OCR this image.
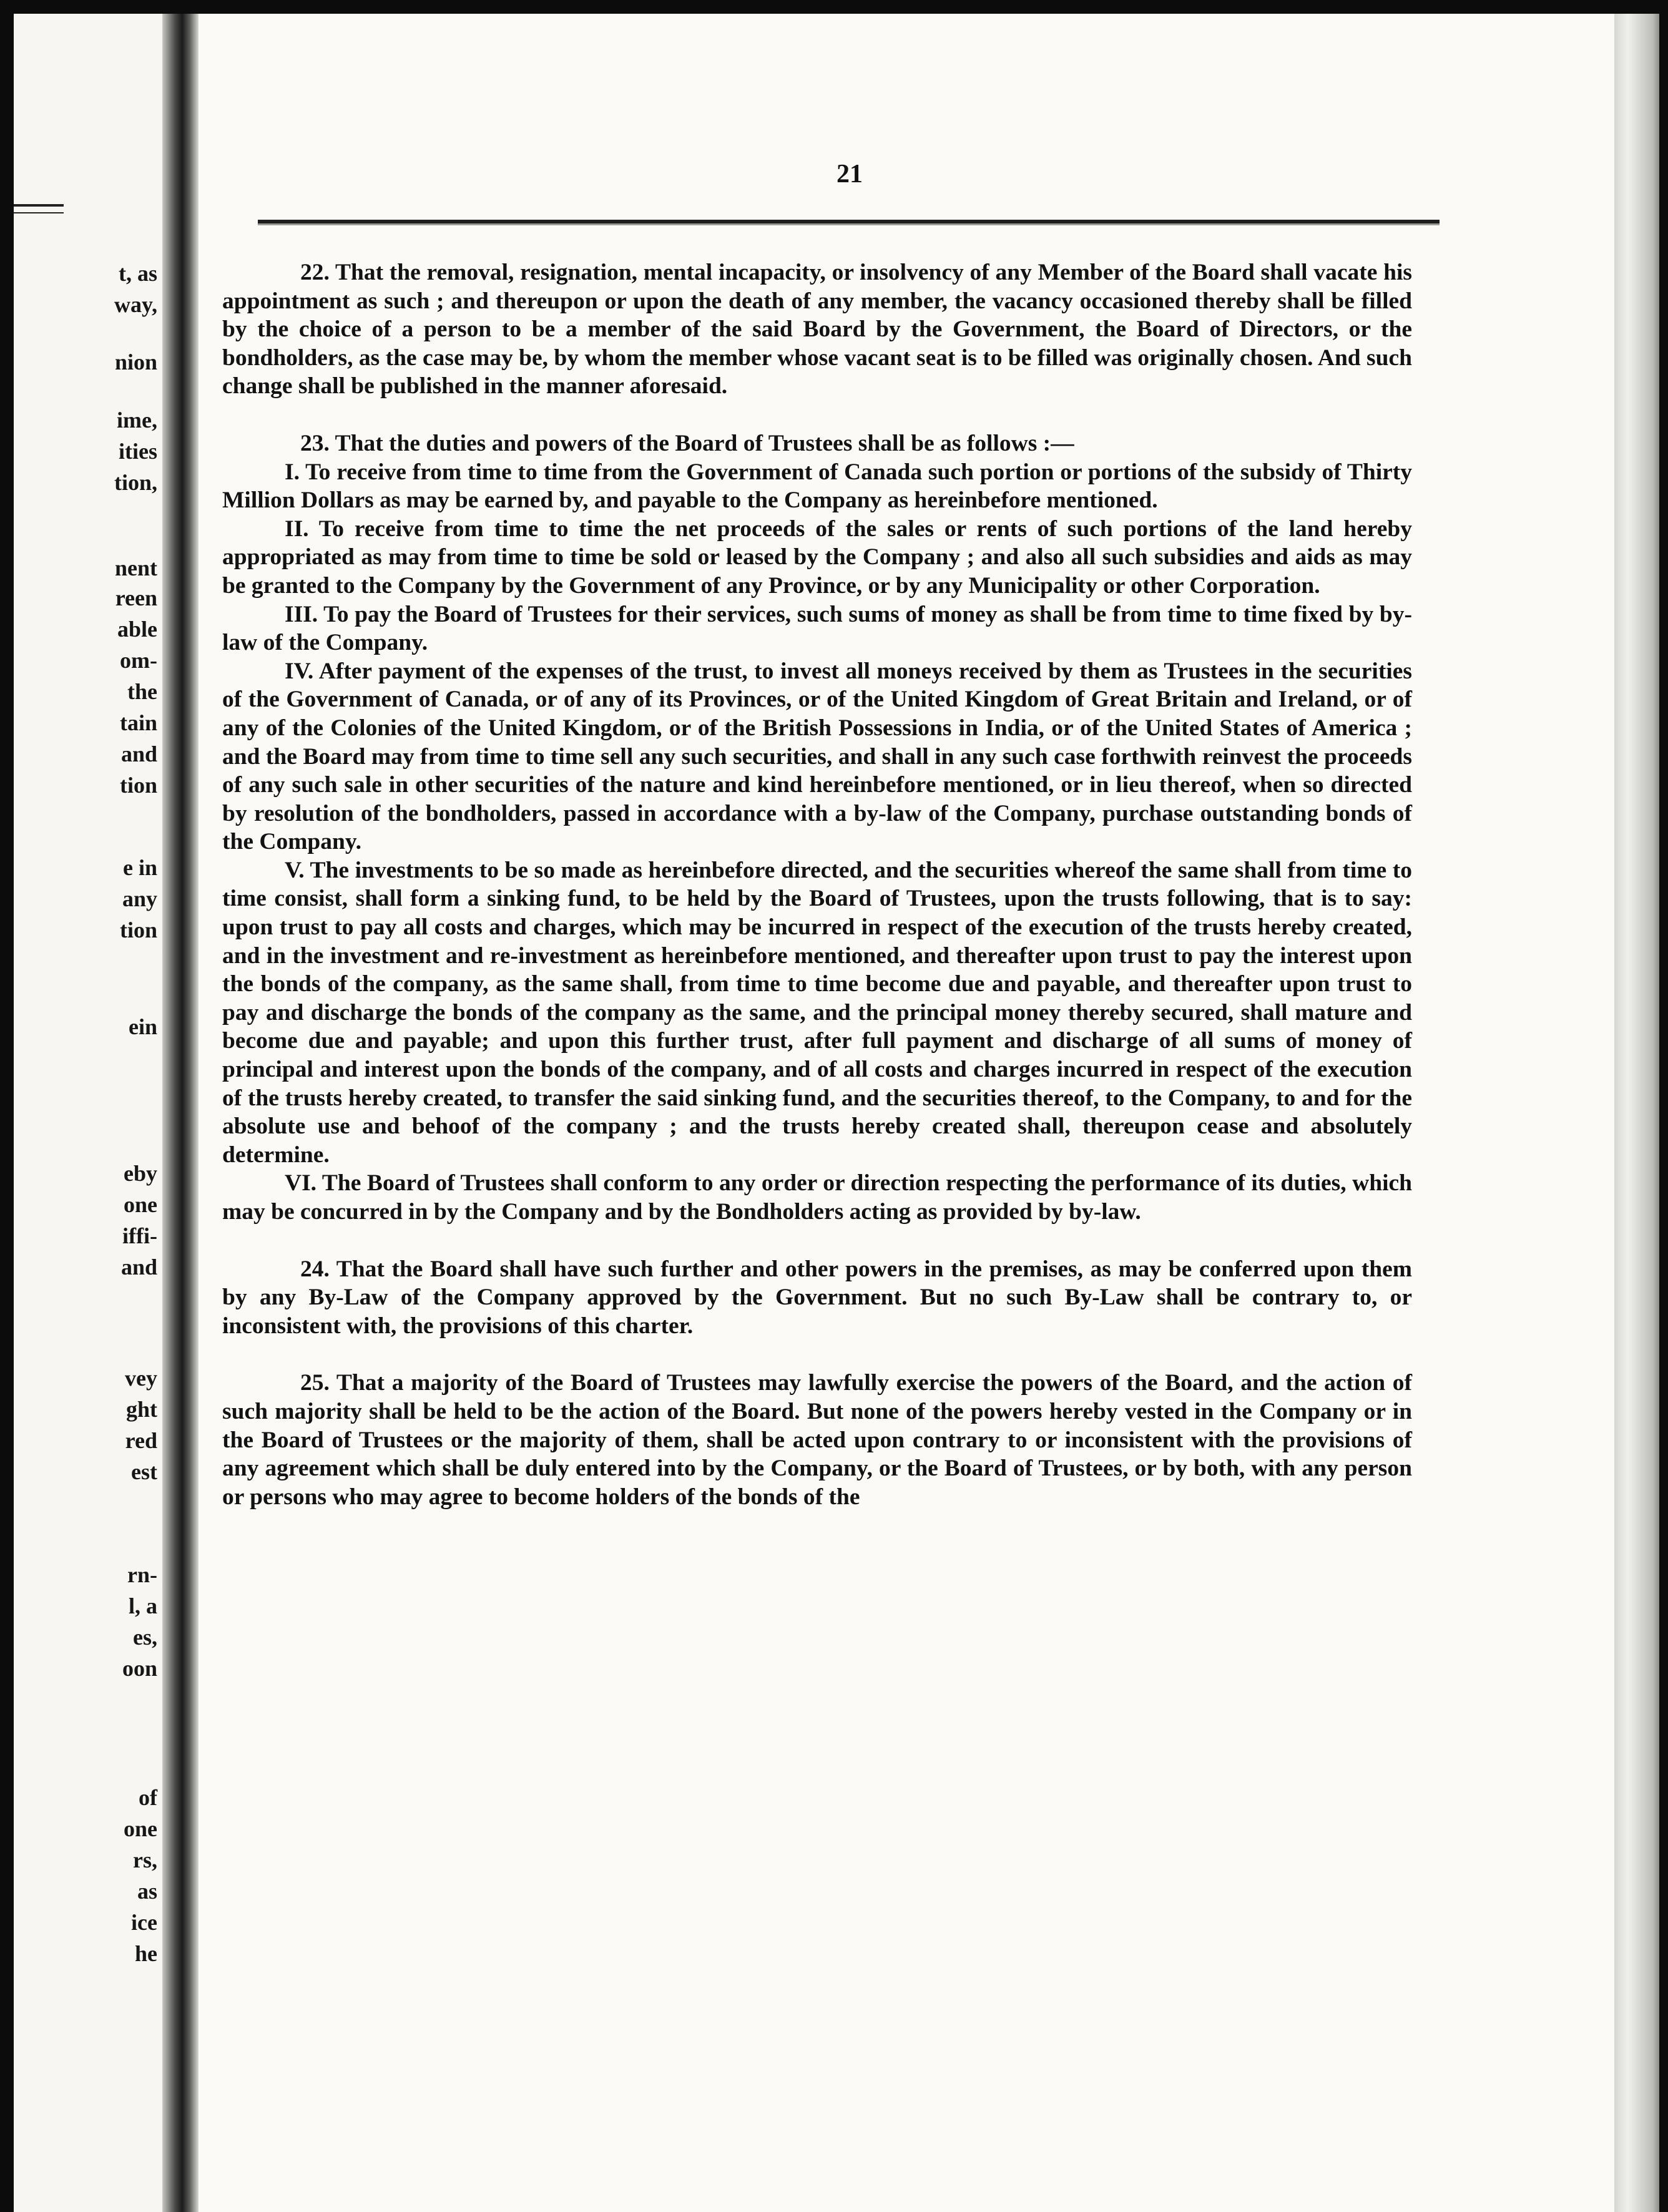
t, as
way,
nion
ime,
ities
tion,
nent
reen
able
om-
the
tain
and
tion
e in
any
tion
ein
eby
one
iffi-
and
vey
ght
red
est
rn-
l, a
es,
oon
of
one
rs,
as
ice
he
21

22. That the removal, resignation, mental incapacity, or insolvency of any Member of the Board shall vacate his appointment as such ; and thereupon or upon the death of any member, the vacancy occasioned thereby shall be filled by the choice of a person to be a member of the said Board by the Government, the Board of Directors, or the bondholders, as the case may be, by whom the member whose vacant seat is to be filled was originally chosen. And such change shall be published in the manner aforesaid.

23. That the duties and powers of the Board of Trustees shall be as follows :—

I. To receive from time to time from the Government of Canada such portion or portions of the subsidy of Thirty Million Dollars as may be earned by, and payable to the Company as hereinbefore mentioned.

II. To receive from time to time the net proceeds of the sales or rents of such portions of the land hereby appropriated as may from time to time be sold or leased by the Company ; and also all such subsidies and aids as may be granted to the Company by the Government of any Province, or by any Municipality or other Corporation.

III. To pay the Board of Trustees for their services, such sums of money as shall be from time to time fixed by by-law of the Company.

IV. After payment of the expenses of the trust, to invest all moneys received by them as Trustees in the securities of the Government of Canada, or of any of its Provinces, or of the United Kingdom of Great Britain and Ireland, or of any of the Colonies of the United Kingdom, or of the British Possessions in India, or of the United States of America ; and the Board may from time to time sell any such securities, and shall in any such case forthwith reinvest the proceeds of any such sale in other securities of the nature and kind hereinbefore mentioned, or in lieu thereof, when so directed by resolution of the bondholders, passed in accordance with a by-law of the Company, purchase outstanding bonds of the Company.

V. The investments to be so made as hereinbefore directed, and the securities whereof the same shall from time to time consist, shall form a sinking fund, to be held by the Board of Trustees, upon the trusts following, that is to say: upon trust to pay all costs and charges, which may be incurred in respect of the execution of the trusts hereby created, and in the investment and re-investment as hereinbefore mentioned, and thereafter upon trust to pay the interest upon the bonds of the company, as the same shall, from time to time become due and payable, and thereafter upon trust to pay and discharge the bonds of the company as the same, and the principal money thereby secured, shall mature and become due and payable; and upon this further trust, after full payment and discharge of all sums of money of principal and interest upon the bonds of the company, and of all costs and charges incurred in respect of the execution of the trusts hereby created, to transfer the said sinking fund, and the securities thereof, to the Company, to and for the absolute use and behoof of the company ; and the trusts hereby created shall, thereupon cease and absolutely determine.

VI. The Board of Trustees shall conform to any order or direction respecting the performance of its duties, which may be concurred in by the Company and by the Bondholders acting as provided by by-law.

24. That the Board shall have such further and other powers in the premises, as may be conferred upon them by any By-Law of the Company approved by the Government. But no such By-Law shall be contrary to, or inconsistent with, the provisions of this charter.

25. That a majority of the Board of Trustees may lawfully exercise the powers of the Board, and the action of such majority shall be held to be the action of the Board. But none of the powers hereby vested in the Company or in the Board of Trustees or the majority of them, shall be acted upon contrary to or inconsistent with the provisions of any agreement which shall be duly entered into by the Company, or the Board of Trustees, or by both, with any person or persons who may agree to become holders of the bonds of the
